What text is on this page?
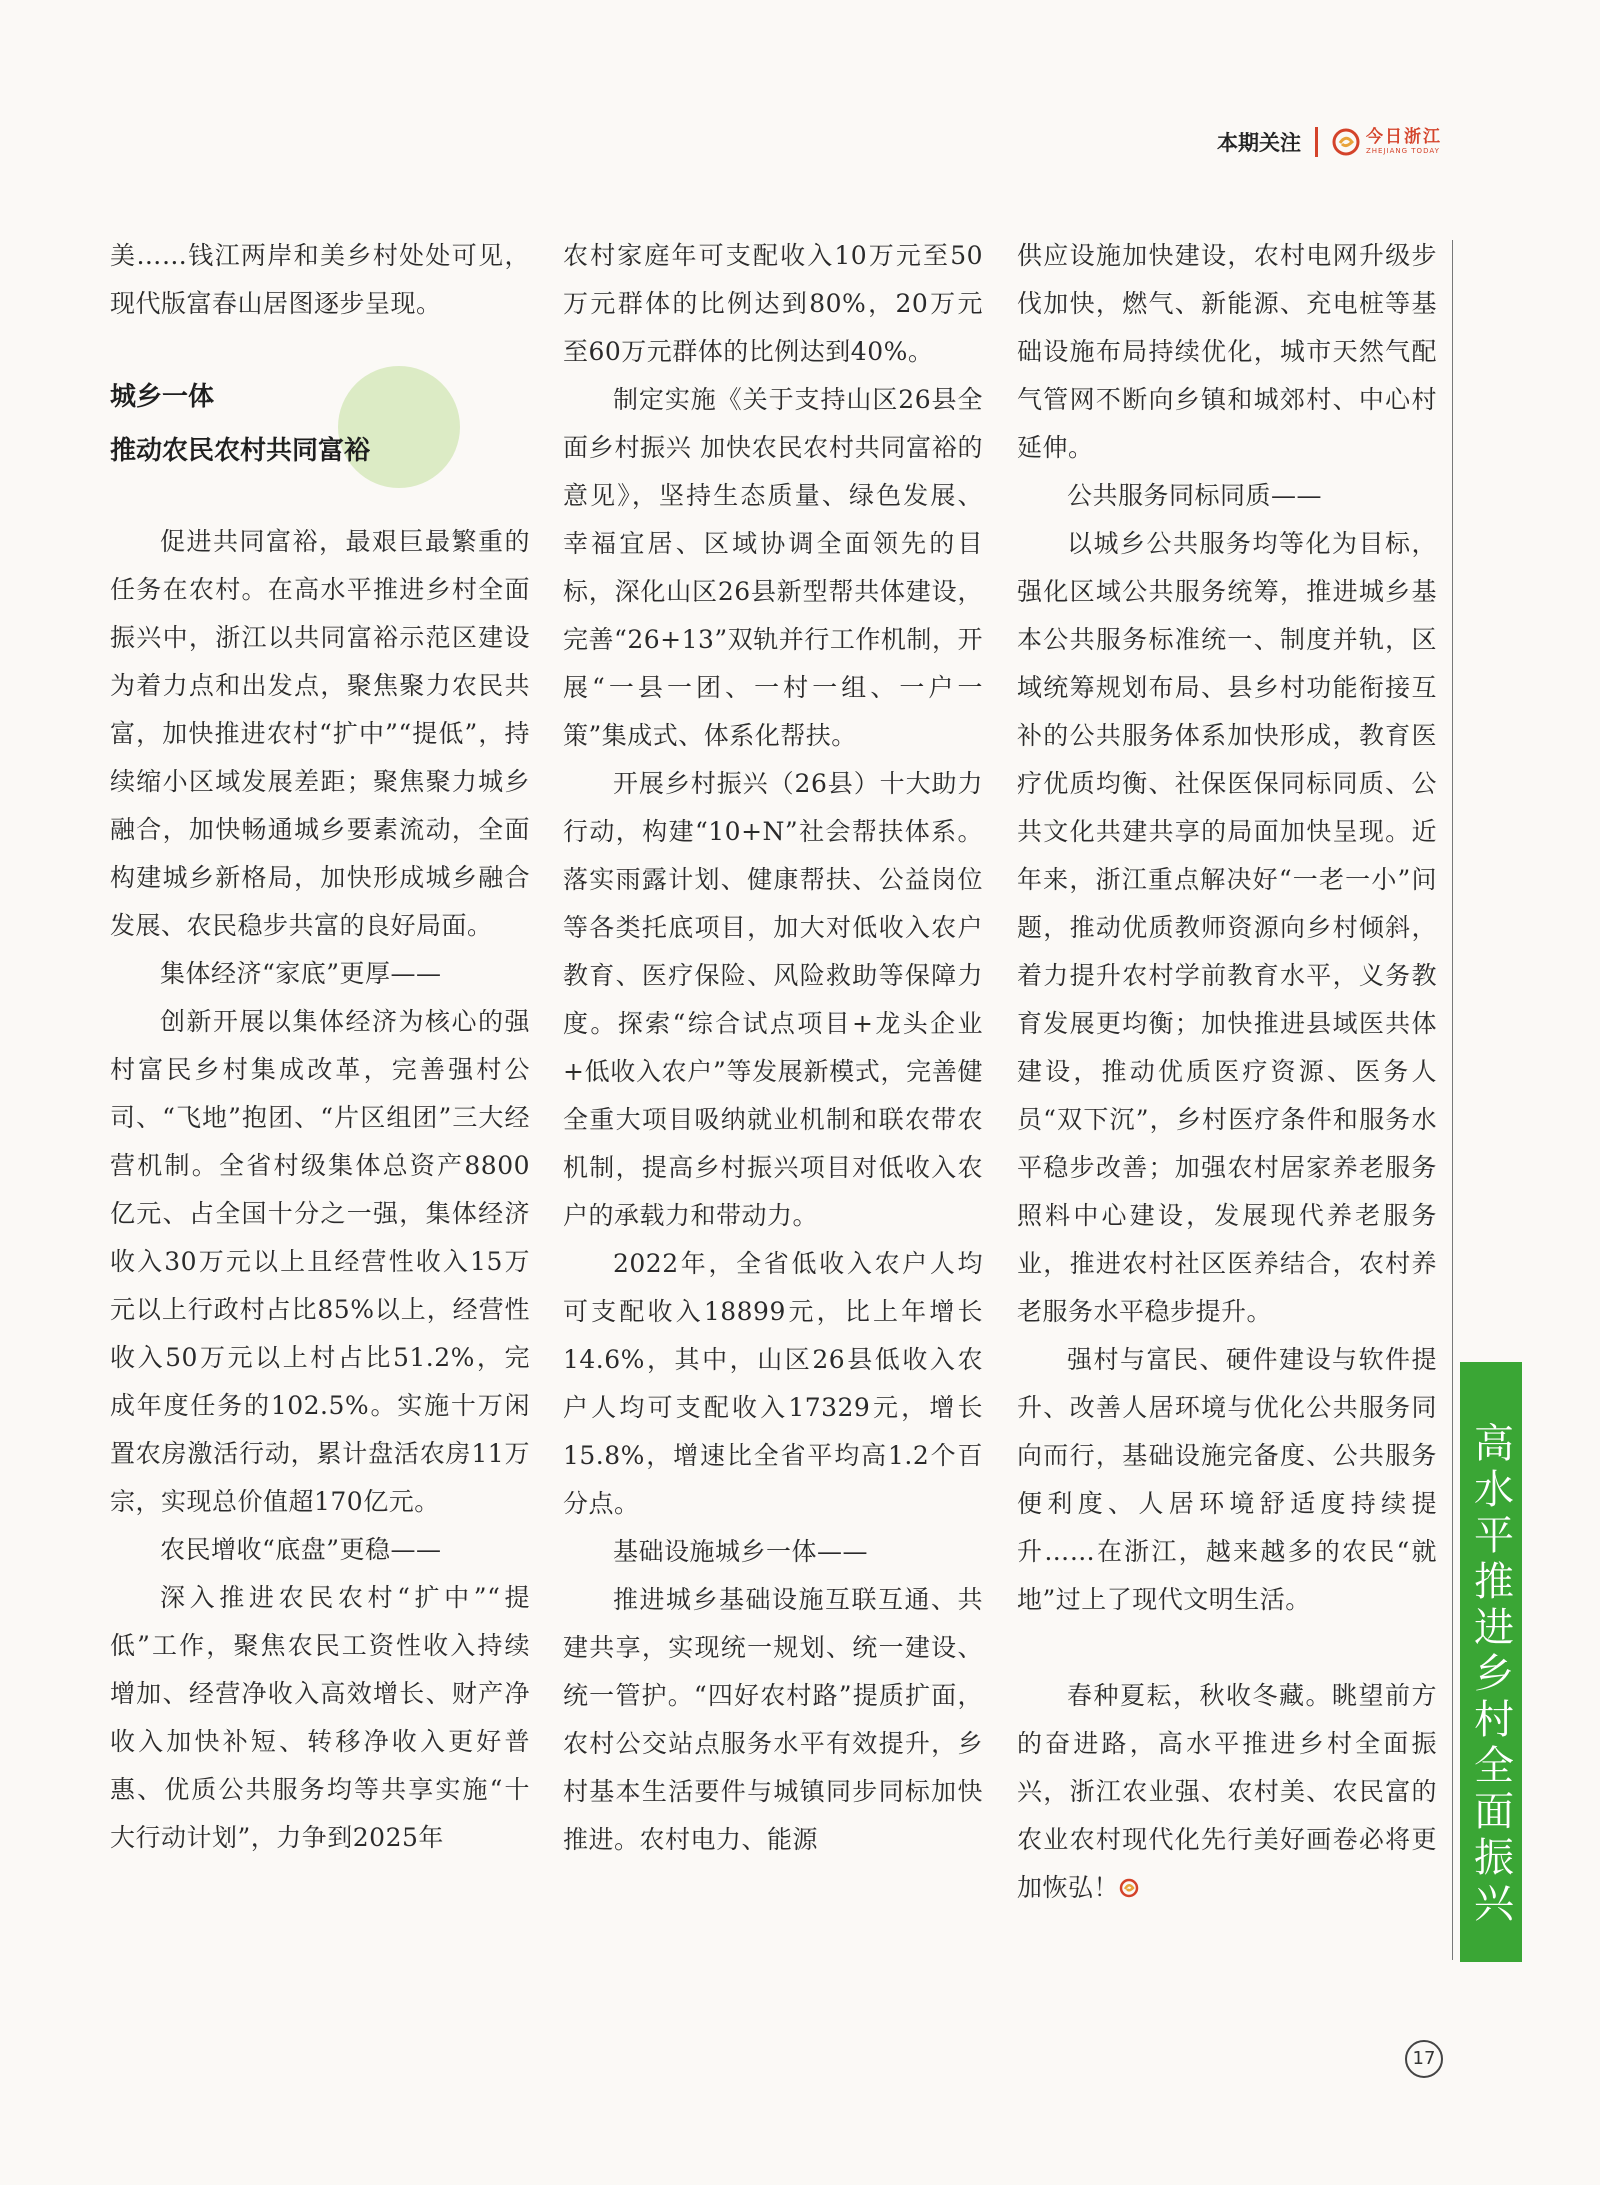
本期关注	今日浙江
ZHEJIANG TODAY

美……钱江两岸和美乡村处处可见，现代版富春山居图逐步呈现。

城乡一体
推动农民农村共同富裕

促进共同富裕，最艰巨最繁重的任务在农村。在高水平推进乡村全面振兴中，浙江以共同富裕示范区建设为着力点和出发点，聚焦聚力农民共富，加快推进农村“扩中”“提低”，持续缩小区域发展差距；聚焦聚力城乡融合，加快畅通城乡要素流动，全面构建城乡新格局，加快形成城乡融合发展、农民稳步共富的良好局面。

集体经济“家底”更厚——

创新开展以集体经济为核心的强村富民乡村集成改革，完善强村公司、“飞地”抱团、“片区组团”三大经营机制。全省村级集体总资产8800亿元、占全国十分之一强，集体经济收入30万元以上且经营性收入15万元以上行政村占比85%以上，经营性收入50万元以上村占比51.2%，完成年度任务的102.5%。实施十万闲置农房激活行动，累计盘活农房11万宗，实现总价值超170亿元。

农民增收“底盘”更稳——

深入推进农民农村“扩中”“提低”工作，聚焦农民工资性收入持续增加、经营净收入高效增长、财产净收入加快补短、转移净收入更好普惠、优质公共服务均等共享实施“十大行动计划”，力争到2025年

农村家庭年可支配收入10万元至50万元群体的比例达到80%，20万元至60万元群体的比例达到40%。

制定实施《关于支持山区26县全面乡村振兴 加快农民农村共同富裕的意见》，坚持生态质量、绿色发展、幸福宜居、区域协调全面领先的目标，深化山区26县新型帮共体建设，完善“26+13”双轨并行工作机制，开展“一县一团、一村一组、一户一策”集成式、体系化帮扶。

开展乡村振兴（26县）十大助力行动，构建“10+N”社会帮扶体系。落实雨露计划、健康帮扶、公益岗位等各类托底项目，加大对低收入农户教育、医疗保险、风险救助等保障力度。探索“综合试点项目+龙头企业+低收入农户”等发展新模式，完善健全重大项目吸纳就业机制和联农带农机制，提高乡村振兴项目对低收入农户的承载力和带动力。

2022年，全省低收入农户人均可支配收入18899元，比上年增长14.6%，其中，山区26县低收入农户人均可支配收入17329元，增长15.8%，增速比全省平均高1.2个百分点。

基础设施城乡一体——

推进城乡基础设施互联互通、共建共享，实现统一规划、统一建设、统一管护。“四好农村路”提质扩面，农村公交站点服务水平有效提升，乡村基本生活要件与城镇同步同标加快推进。农村电力、能源

供应设施加快建设，农村电网升级步伐加快，燃气、新能源、充电桩等基础设施布局持续优化，城市天然气配气管网不断向乡镇和城郊村、中心村延伸。

公共服务同标同质——

以城乡公共服务均等化为目标，强化区域公共服务统筹，推进城乡基本公共服务标准统一、制度并轨，区域统筹规划布局、县乡村功能衔接互补的公共服务体系加快形成，教育医疗优质均衡、社保医保同标同质、公共文化共建共享的局面加快呈现。近年来，浙江重点解决好“一老一小”问题，推动优质教师资源向乡村倾斜，着力提升农村学前教育水平，义务教育发展更均衡；加快推进县域医共体建设，推动优质医疗资源、医务人员“双下沉”，乡村医疗条件和服务水平稳步改善；加强农村居家养老服务照料中心建设，发展现代养老服务业，推进农村社区医养结合，农村养老服务水平稳步提升。

强村与富民、硬件建设与软件提升、改善人居环境与优化公共服务同向而行，基础设施完备度、公共服务便利度、人居环境舒适度持续提升……在浙江，越来越多的农民“就地”过上了现代文明生活。

春种夏耘，秋收冬藏。眺望前方的奋进路，高水平推进乡村全面振兴，浙江农业强、农村美、农民富的农业农村现代化先行美好画卷必将更加恢弘！	高水平推进乡村全面振兴
17
